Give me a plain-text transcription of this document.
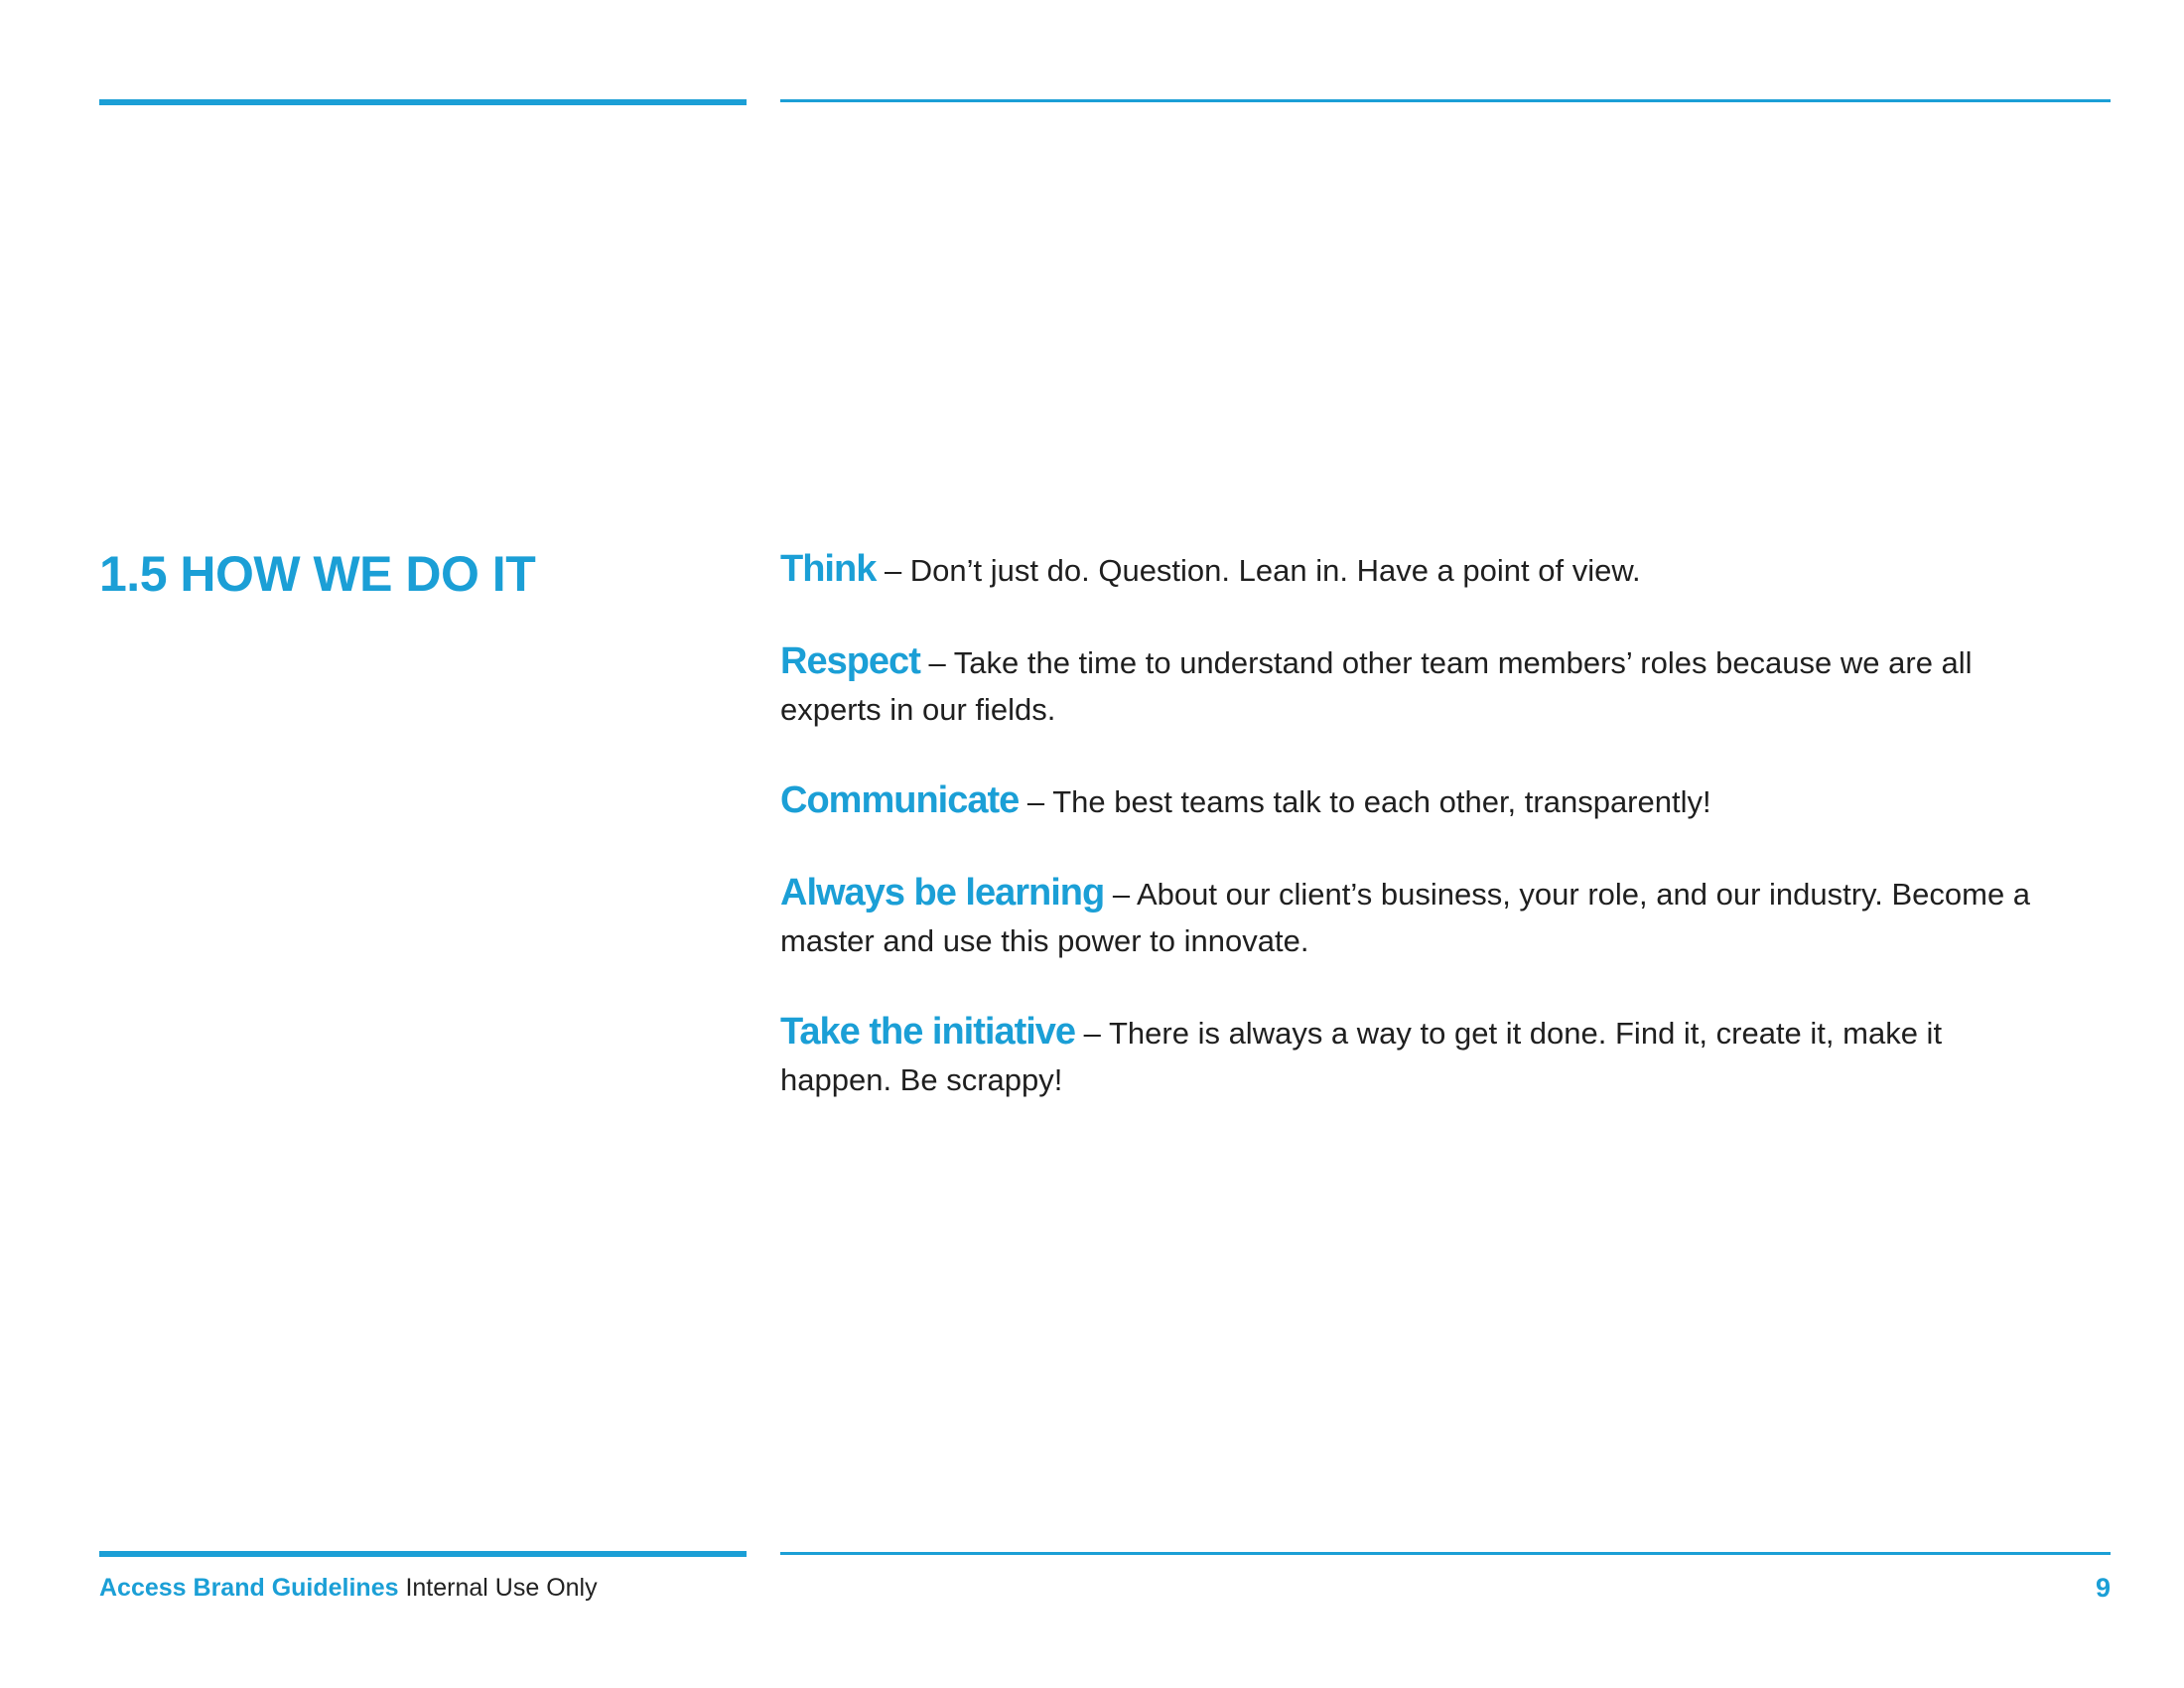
1.5 HOW WE DO IT	Think – Don’t just do. Question. Lean in. Have a point of view.

Respect – Take the time to understand other team members’ roles because we are all experts in our fields.

Communicate – The best teams talk to each other, transparently!

Always be learning – About our client’s business, your role, and our industry. Become a master and use this power to innovate.

Take the initiative – There is always a way to get it done. Find it, create it, make it happen. Be scrappy!

Access Brand Guidelines Internal Use Only	9
